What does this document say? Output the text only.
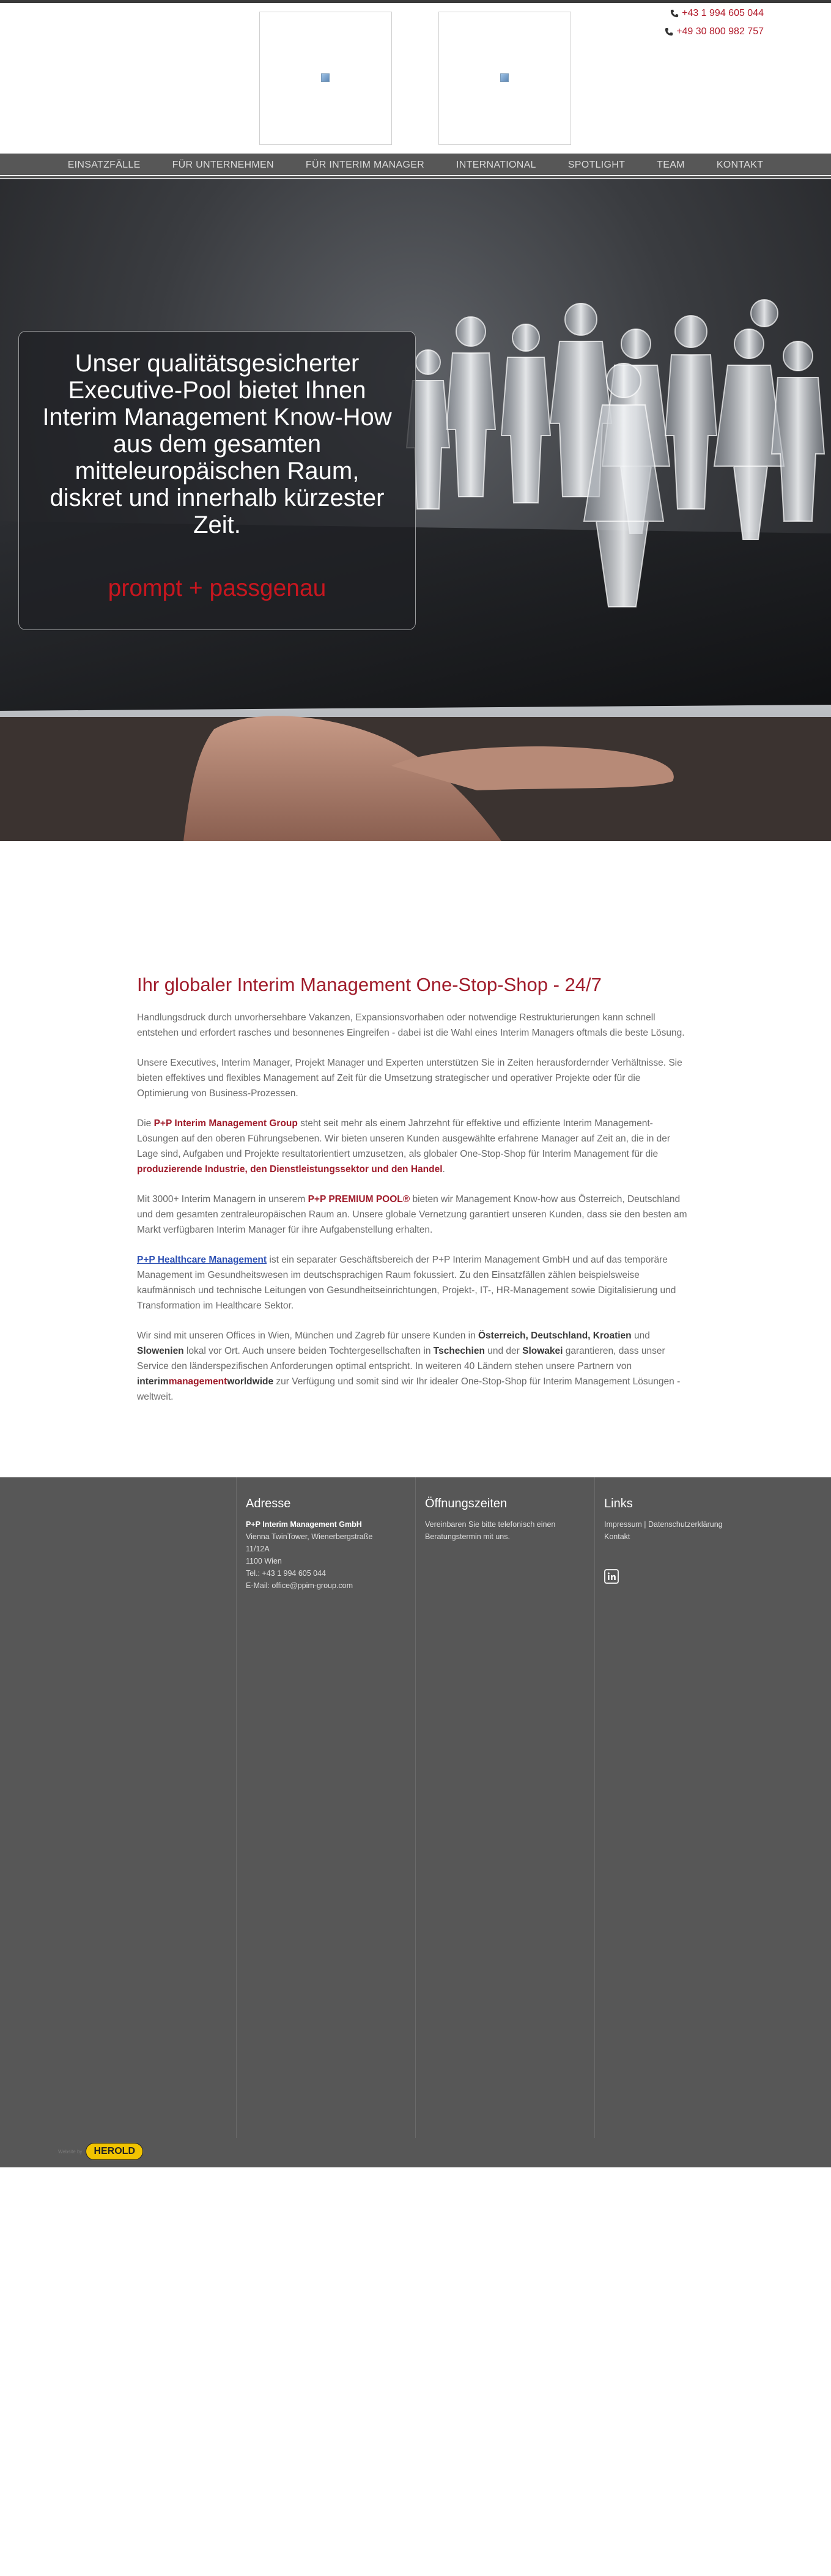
+43 1 994 605 044
+49 30 800 982 757
EINSATZFÄLLE	FÜR UNTERNEHMEN	FÜR INTERIM MANAGER	INTERNATIONAL	SPOTLIGHT	TEAM	KONTAKT
Unser qualitätsgesicherter Executive-Pool bietet Ihnen Interim Management Know-How aus dem gesamten mitteleuropäischen Raum, diskret und innerhalb kürzester Zeit.
prompt + passgenau
Ihr globaler Interim Management One-Stop-Shop - 24/7

Handlungsdruck durch unvorhersehbare Vakanzen, Expansionsvorhaben oder notwendige Restrukturierungen kann schnell entstehen und erfordert rasches und besonnenes Eingreifen - dabei ist die Wahl eines Interim Managers oftmals die beste Lösung.

Unsere Executives, Interim Manager, Projekt Manager und Experten unterstützen Sie in Zeiten herausfordernder Verhältnisse. Sie bieten effektives und flexibles Management auf Zeit für die Umsetzung strategischer und operativer Projekte oder für die Optimierung von Business-Prozessen.

Die P+P Interim Management Group steht seit mehr als einem Jahrzehnt für effektive und effiziente Interim Management-Lösungen auf den oberen Führungsebenen. Wir bieten unseren Kunden ausgewählte erfahrene Manager auf Zeit an, die in der Lage sind, Aufgaben und Projekte resultatorientiert umzusetzen, als globaler One-Stop-Shop für Interim Management für die produzierende Industrie, den Dienstleistungssektor und den Handel.

Mit 3000+ Interim Managern in unserem P+P PREMIUM POOL® bieten wir Management Know-how aus Österreich, Deutschland und dem gesamten zentraleuropäischen Raum an. Unsere globale Vernetzung garantiert unseren Kunden, dass sie den besten am Markt verfügbaren Interim Manager für ihre Aufgabenstellung erhalten.

P+P Healthcare Management ist ein separater Geschäftsbereich der P+P Interim Management GmbH und auf das temporäre Management im Gesundheitswesen im deutschsprachigen Raum fokussiert. Zu den Einsatzfällen zählen beispielsweise kaufmännisch und technische Leitungen von Gesundheitseinrichtungen, Projekt-, IT-, HR-Management sowie Digitalisierung und Transformation im Healthcare Sektor.

Wir sind mit unseren Offices in Wien, München und Zagreb für unsere Kunden in Österreich, Deutschland, Kroatien und Slowenien lokal vor Ort. Auch unsere beiden Tochtergesellschaften in Tschechien und der Slowakei garantieren, dass unser Service den länderspezifischen Anforderungen optimal entspricht. In weiteren 40 Ländern stehen unsere Partnern von interimmanagementworldwide zur Verfügung und somit sind wir Ihr idealer One-Stop-Shop für Interim Management Lösungen - weltweit.

Adresse
P+P Interim Management GmbH
Vienna TwinTower, Wienerbergstraße
11/12A
1100 Wien
Tel.: +43 1 994 605 044
E-Mail: office@ppim-group.com
Öffnungszeiten
Vereinbaren Sie bitte telefonisch einen
Beratungstermin mit uns.
Links
Impressum | Datenschutzerklärung
Kontakt
Website by	HEROLD
